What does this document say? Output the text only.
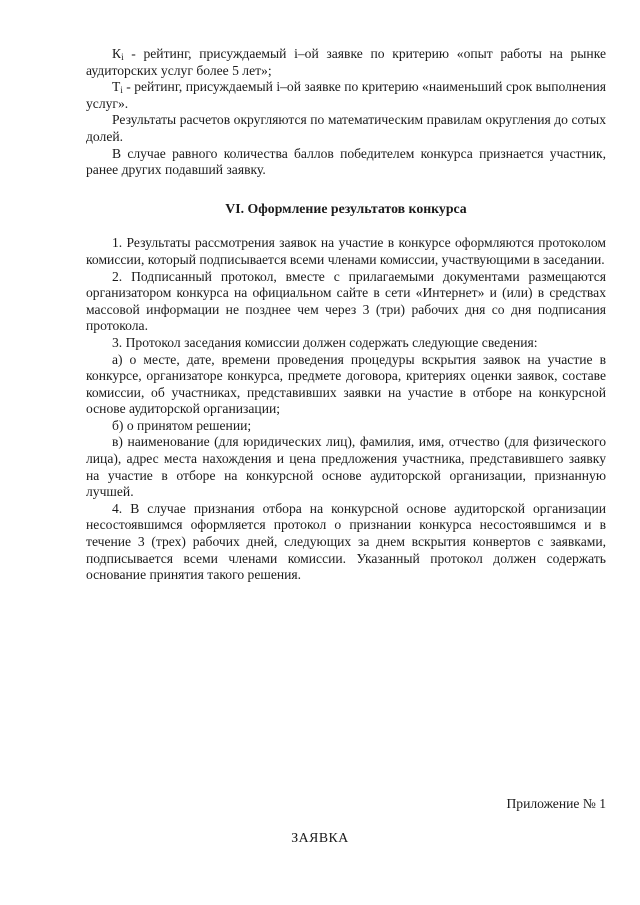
$К_i$ - рейтинг, присуждаемый i–ой заявке по критерию «опыт работы на рынке аудиторских услуг более 5 лет»;

$Т_i$ - рейтинг, присуждаемый i–ой заявке по критерию «наименьший срок выполнения услуг».

Результаты расчетов округляются по математическим правилам округления до сотых долей.

В случае равного количества баллов победителем конкурса признается участник, ранее других подавший заявку.

VI. Оформление результатов конкурса

1. Результаты рассмотрения заявок на участие в конкурсе оформляются протоколом комиссии, который подписывается всеми членами комиссии, участвующими в заседании.

2. Подписанный протокол, вместе с прилагаемыми документами размещаются организатором конкурса на официальном сайте в сети «Интернет» и (или) в средствах массовой информации не позднее чем через 3 (три) рабочих дня со дня подписания протокола.

3. Протокол заседания комиссии должен содержать следующие сведения:

а) о месте, дате, времени проведения процедуры вскрытия заявок на участие в конкурсе, организаторе конкурса, предмете договора, критериях оценки заявок, составе комиссии, об участниках, представивших заявки на участие в отборе на конкурсной основе аудиторской организации;

б) о принятом решении;

в) наименование (для юридических лиц), фамилия, имя, отчество (для физического лица), адрес места нахождения и цена предложения участника, представившего заявку на участие в отборе на конкурсной основе аудиторской организации, признанную лучшей.

4. В случае признания отбора на конкурсной основе аудиторской организации несостоявшимся оформляется протокол о признании конкурса несостоявшимся и в течение 3 (трех) рабочих дней, следующих за днем вскрытия конвертов с заявками, подписывается всеми членами комиссии. Указанный протокол должен содержать основание принятия такого решения.

Приложение № 1
ЗАЯВКА
